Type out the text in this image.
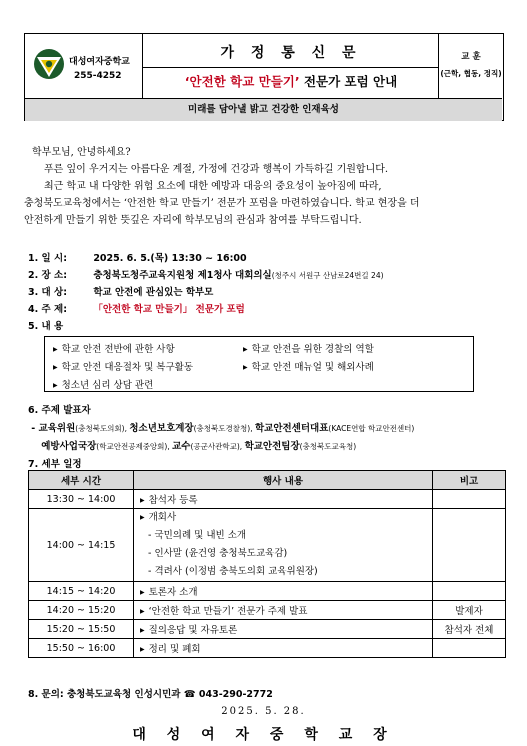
대성여자중학교
255-4252
가 정 통 신 문
‘안전한 학교 만들기’ 전문가 포럼 안내
교 훈
(근학, 협동, 정직)
미래를 담아낼 밝고 건강한 인재육성

학부모님, 안녕하세요?

푸른 잎이 우거지는 아름다운 계절, 가정에 건강과 행복이 가득하길 기원합니다.

최근 학교 내 다양한 위험 요소에 대한 예방과 대응의 중요성이 높아짐에 따라,

충청북도교육청에서는 ‘안전한 학교 만들기’ 전문가 포럼을 마련하였습니다. 학교 현장을 더

안전하게 만들기 위한 뜻깊은 자리에 학부모님의 관심과 참여를 부탁드립니다.

1. 일 시:	2025. 6. 5.(목) 13:30 ~ 16:00
2. 장 소:	충청북도청주교육지원청 제1청사 대회의실(청주시 서원구 산남로24번길 24)
3. 대 상:	학교 안전에 관심있는 학부모
4. 주 제:	「안전한 학교 만들기」 전문가 포럼
5. 내 용
▶ 학교 안전 전반에 관한 사항	▶ 학교 안전을 위한 경찰의 역할
▶ 학교 안전 대응절차 및 복구활동	▶ 학교 안전 매뉴얼 및 해외사례
▶ 청소년 심리 상담 관련
6. 주제 발표자
- 교육위원(충청북도의회), 청소년보호계장(충청북도경찰청), 학교안전센터대표(KACE연합 학교안전센터)
예방사업국장(학교안전공제중앙회), 교수(공군사관학교), 학교안전팀장(충청북도교육청)
7. 세부 일정
세부 시간	행사 내용	비고
13:30 ~ 14:00	▶ 참석자 등록	
14:00 ~ 14:15	▶ 개회사
- 국민의례 및 내빈 소개
- 인사말 (윤건영 충청북도교육감)
- 격려사 (이정범 충북도의회 교육위원장)	

14:15 ~ 14:20	▶ 토론자 소개	
14:20 ~ 15:20	▶ ‘안전한 학교 만들기’ 전문가 주제 발표	발제자
15:20 ~ 15:50	▶ 질의응답 및 자유토론	참석자 전체
15:50 ~ 16:00	▶ 정리 및 폐회	
8. 문의: 충청북도교육청 인성시민과 ☎ 043-290-2772
2025. 5. 28.
대 성 여 자 중 학 교 장
